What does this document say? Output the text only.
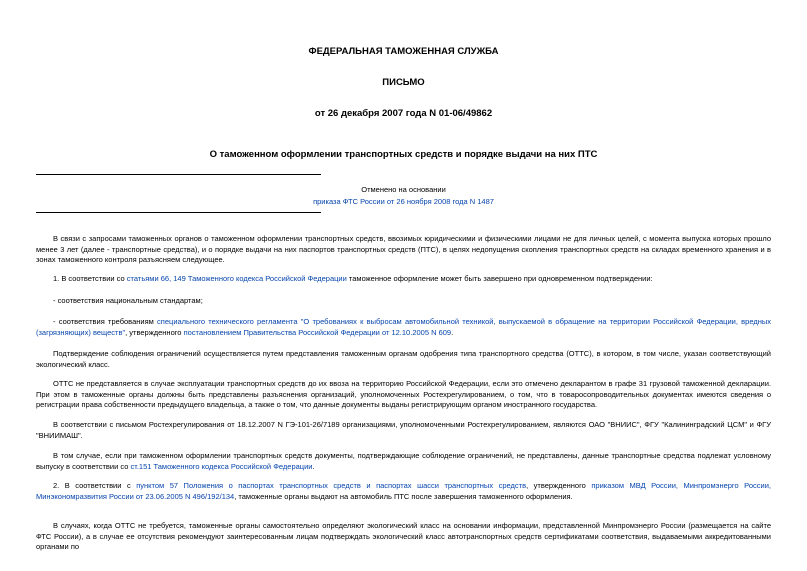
ФЕДЕРАЛЬНАЯ ТАМОЖЕННАЯ СЛУЖБА
ПИСЬМО
от 26 декабря 2007 года N 01-06/49862
О таможенном оформлении транспортных средств и порядке выдачи на них ПТС
Отменено на основании
приказа ФТС России от 26 ноября 2008 года N 1487

В связи с запросами таможенных органов о таможенном оформлении транспортных средств, ввозимых юридическими и физическими лицами не для личных целей, с момента выпуска которых прошло менее 3 лет (далее - транспортные средства), и о порядке выдачи на них паспортов транспортных средств (ПТС), в целях недопущения скопления транспортных средств на складах временного хранения и в зонах таможенного контроля разъясняем следующее.

1. В соответствии со статьями 66, 149 Таможенного кодекса Российской Федерации таможенное оформление может быть завершено при одновременном подтверждении:

- соответствия национальным стандартам;

- соответствия требованиям специального технического регламента "О требованиях к выбросам автомобильной техникой, выпускаемой в обращение на территории Российской Федерации, вредных (загрязняющих) веществ", утвержденного постановлением Правительства Российской Федерации от 12.10.2005 N 609.

Подтверждение соблюдения ограничений осуществляется путем представления таможенным органам одобрения типа транспортного средства (ОТТС), в котором, в том числе, указан соответствующий экологический класс.

ОТТС не представляется в случае эксплуатации транспортных средств до их ввоза на территорию Российской Федерации, если это отмечено декларантом в графе 31 грузовой таможенной декларации. При этом в таможенные органы должны быть представлены разъяснения организаций, уполномоченных Ростехрегулированием, о том, что в товаросопроводительных документах имеются сведения о регистрации права собственности предыдущего владельца, а также о том, что данные документы выданы регистрирующим органом иностранного государства.

В соответствии с письмом Ростехрегулирования от 18.12.2007 N ГЭ-101-26/7189 организациями, уполномоченными Ростехрегулированием, являются ОАО "ВНИИС", ФГУ "Калининградский ЦСМ" и ФГУ "ВНИИМАШ".

В том случае, если при таможенном оформлении транспортных средств документы, подтверждающие соблюдение ограничений, не представлены, данные транспортные средства подлежат условному выпуску в соответствии со ст.151 Таможенного кодекса Российской Федерации.

2. В соответствии с пунктом 57 Положения о паспортах транспортных средств и паспортах шасси транспортных средств, утвержденного приказом МВД России, Минпромэнерго России, Минэкономразвития России от 23.06.2005 N 496/192/134, таможенные органы выдают на автомобиль ПТС после завершения таможенного оформления.

В случаях, когда ОТТС не требуется, таможенные органы самостоятельно определяют экологический класс на основании информации, представленной Минпромэнерго России (размещается на сайте ФТС России), а в случае ее отсутствия рекомендуют заинтересованным лицам подтверждать экологический класс автотранспортных средств сертификатами соответствия, выдаваемыми аккредитованными органами по
